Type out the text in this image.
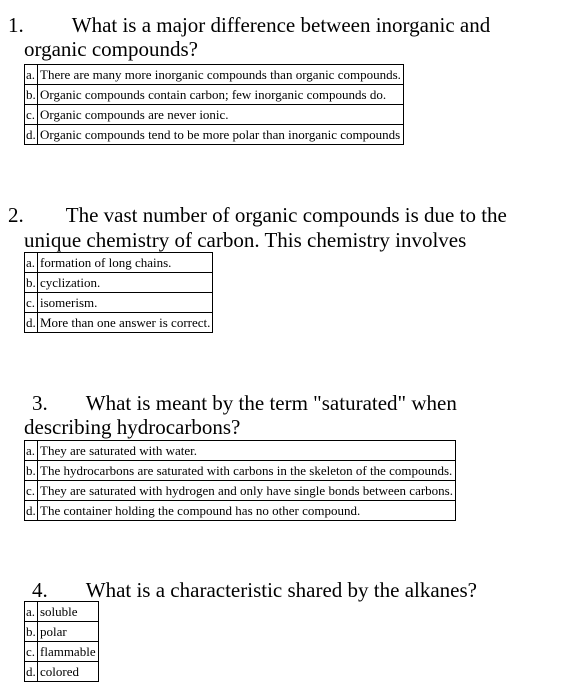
1. What is a major difference between inorganic and
organic compounds?
a.	There are many more inorganic compounds than organic compounds.
b.	Organic compounds contain carbon; few inorganic compounds do.
c.	Organic compounds are never ionic.
d.	Organic compounds tend to be more polar than inorganic compounds
2. The vast number of organic compounds is due to the
unique chemistry of carbon. This chemistry involves
a.	formation of long chains.
b.	cyclization.
c.	isomerism.
d.	More than one answer is correct.
3. What is meant by the term "saturated" when
describing hydrocarbons?
a.	They are saturated with water.
b.	The hydrocarbons are saturated with carbons in the skeleton of the compounds.
c.	They are saturated with hydrogen and only have single bonds between carbons.
d.	The container holding the compound has no other compound.
4. What is a characteristic shared by the alkanes?
a.	soluble
b.	polar
c.	flammable
d.	colored
